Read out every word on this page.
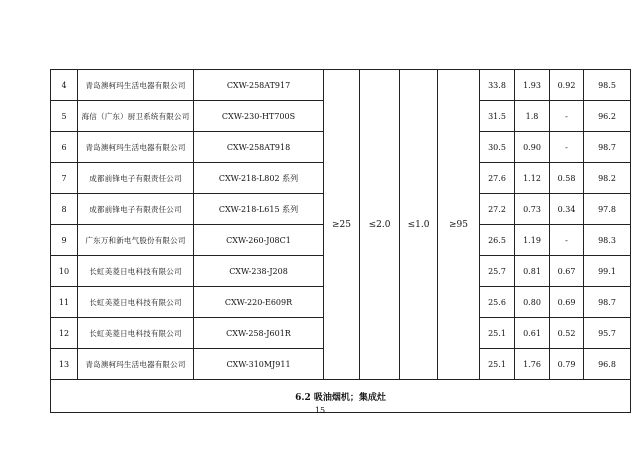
4	青岛澳柯玛生活电器有限公司	CXW-258AT917	≥25	≤2.0	≤1.0	≥95	33.8	1.93	0.92	98.5
5	海信（广东）厨卫系统有限公司	CXW-230-HT700S					31.5	1.8	-	96.2
6	青岛澳柯玛生活电器有限公司	CXW-258AT918					30.5	0.90	-	98.7
7	成都前锋电子有限责任公司	CXW-218-L802 系列					27.6	1.12	0.58	98.2
8	成都前锋电子有限责任公司	CXW-218-L615 系列					27.2	0.73	0.34	97.8
9	广东万和新电气股份有限公司	CXW-260-J08C1					26.5	1.19	-	98.3
10	长虹美菱日电科技有限公司	CXW-238-J208					25.7	0.81	0.67	99.1
11	长虹美菱日电科技有限公司	CXW-220-E609R					25.6	0.80	0.69	98.7
12	长虹美菱日电科技有限公司	CXW-258-J601R					25.1	0.61	0.52	95.7
13	青岛澳柯玛生活电器有限公司	CXW-310MJ911					25.1	1.76	0.79	96.8
6.2 吸油烟机；集成灶										
15
